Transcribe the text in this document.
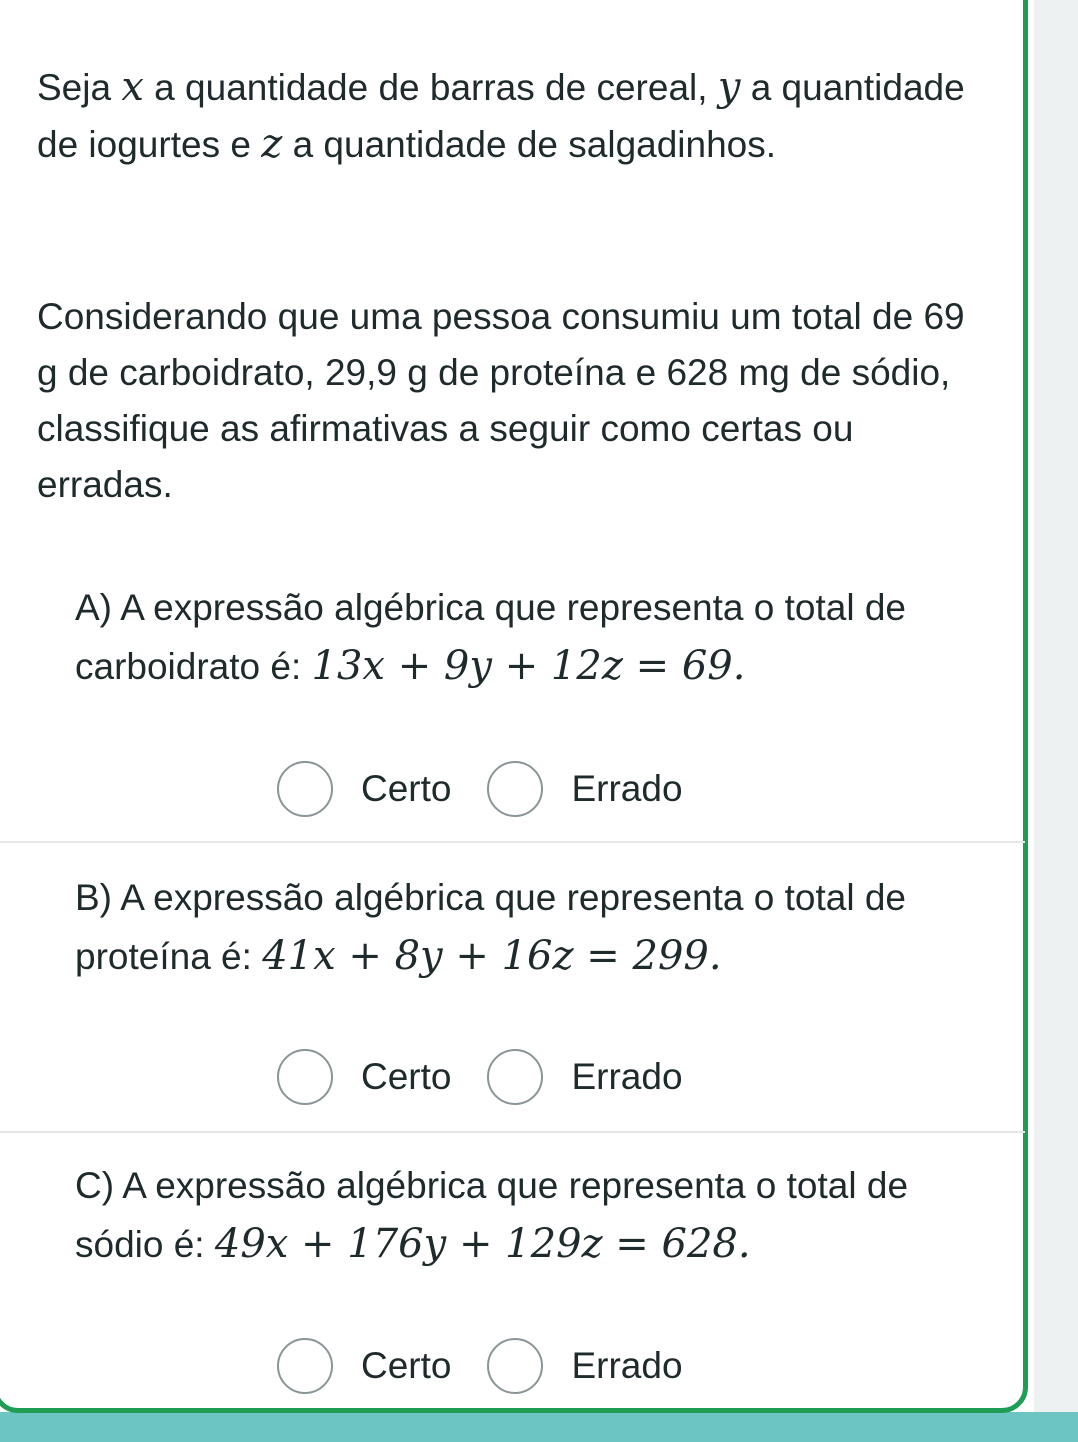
Seja x a quantidade de barras de cereal, y a quantidade de iogurtes e z a quantidade de salgadinhos.

Considerando que uma pessoa consumiu um total de 69 g de carboidrato, 29,9 g de proteína e 628 mg de sódio, classifique as afirmativas a seguir como certas ou erradas.

A) A expressão algébrica que representa o total de carboidrato é: 13x + 9y + 12z = 69.

Certo	Errado

B) A expressão algébrica que representa o total de proteína é: 41x + 8y + 16z = 299.

Certo	Errado

C) A expressão algébrica que representa o total de sódio é: 49x + 176y + 129z = 628.

Certo	Errado
